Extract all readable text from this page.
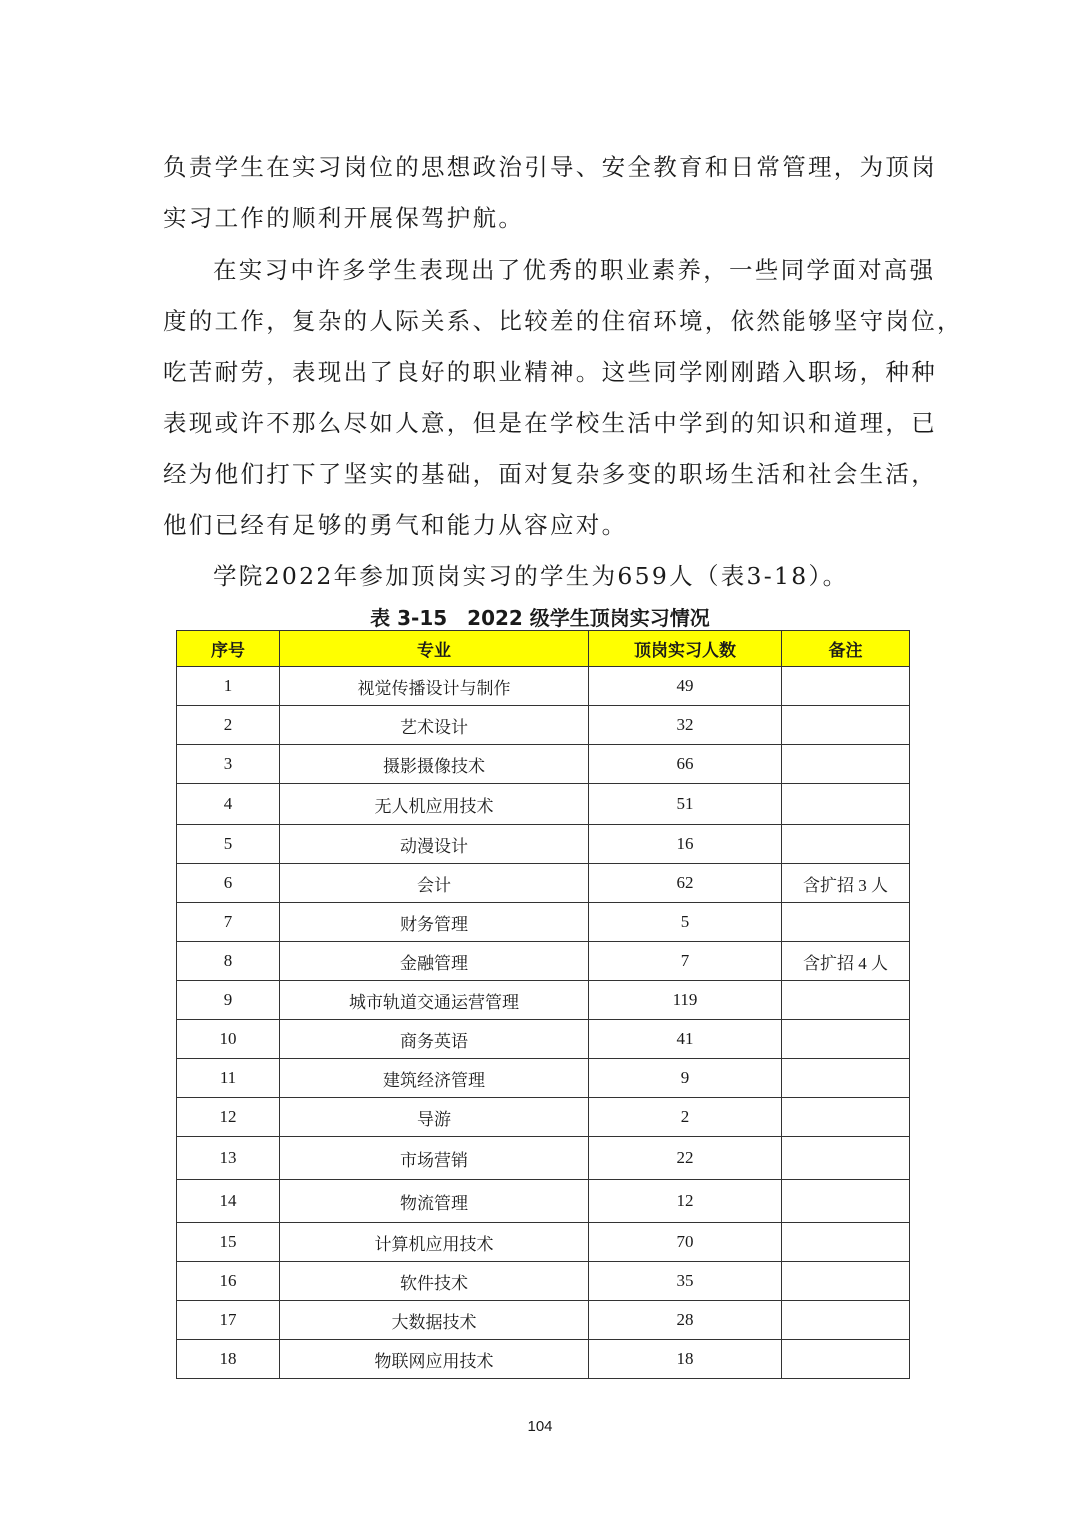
负责学生在实习岗位的思想政治引导、安全教育和日常管理，为顶岗
实习工作的顺利开展保驾护航。
在实习中许多学生表现出了优秀的职业素养，一些同学面对高强
度的工作，复杂的人际关系、比较差的住宿环境，依然能够坚守岗位，
吃苦耐劳，表现出了良好的职业精神。这些同学刚刚踏入职场，种种
表现或许不那么尽如人意，但是在学校生活中学到的知识和道理，已
经为他们打下了坚实的基础，面对复杂多变的职场生活和社会生活，
他们已经有足够的勇气和能力从容应对。
学院2022年参加顶岗实习的学生为659人（表3-18）。
表 3-15　2022 级学生顶岗实习情况
序号	专业	顶岗实习人数	备注
1	视觉传播设计与制作	49	
2	艺术设计	32	
3	摄影摄像技术	66	
4	无人机应用技术	51	
5	动漫设计	16	
6	会计	62	含扩招 3 人
7	财务管理	5	
8	金融管理	7	含扩招 4 人
9	城市轨道交通运营管理	119	
10	商务英语	41	
11	建筑经济管理	9	
12	导游	2	
13	市场营销	22	
14	物流管理	12	
15	计算机应用技术	70	
16	软件技术	35	
17	大数据技术	28	
18	物联网应用技术	18	
104
